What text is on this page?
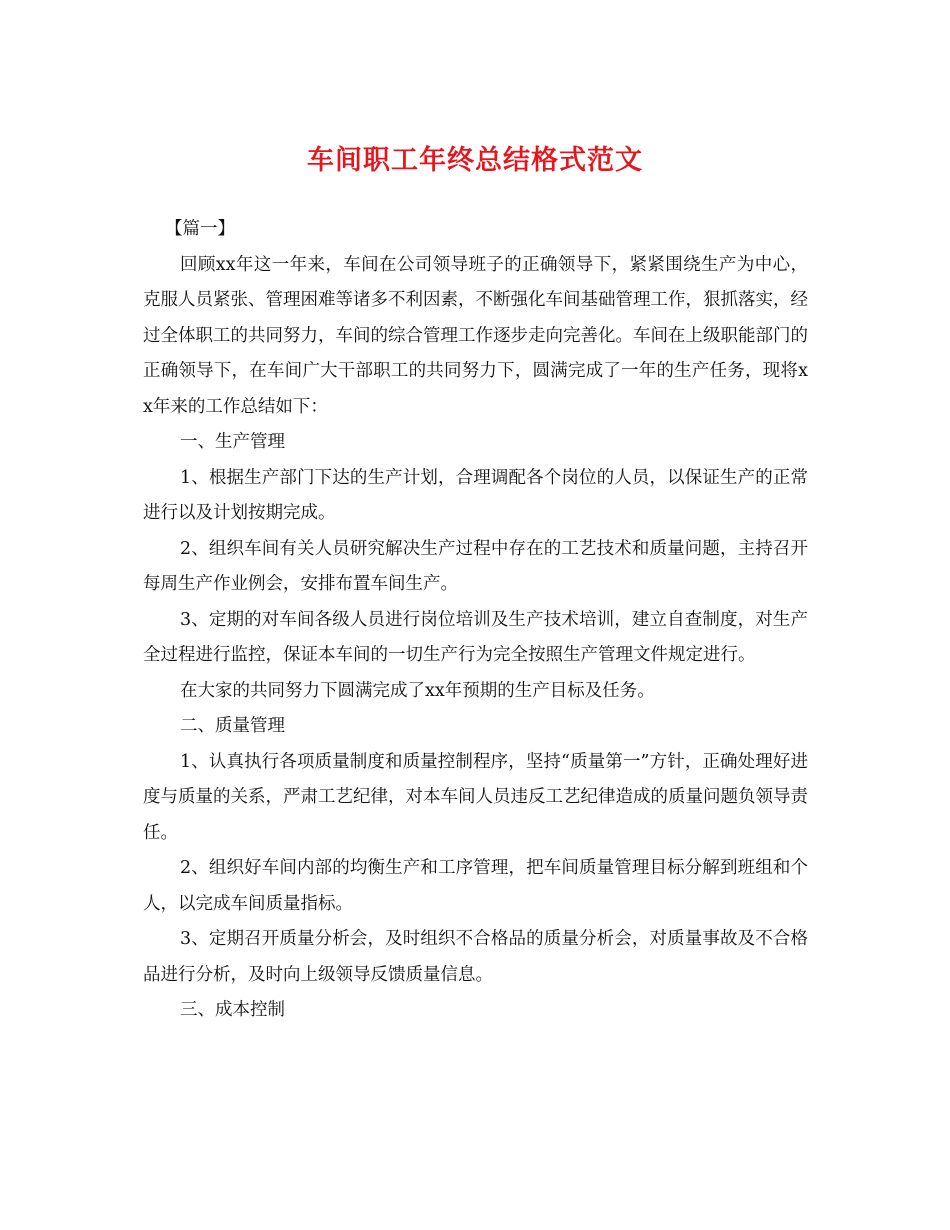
车间职工年终总结格式范文

【篇一】

回顾xx年这一年来，车间在公司领导班子的正确领导下，紧紧围绕生产为中心，克服人员紧张、管理困难等诸多不利因素，不断强化车间基础管理工作，狠抓落实，经过全体职工的共同努力，车间的综合管理工作逐步走向完善化。车间在上级职能部门的正确领导下，在车间广大干部职工的共同努力下，圆满完成了一年的生产任务，现将xx年来的工作总结如下：

一、生产管理

1、根据生产部门下达的生产计划，合理调配各个岗位的人员，以保证生产的正常进行以及计划按期完成。

2、组织车间有关人员研究解决生产过程中存在的工艺技术和质量问题，主持召开每周生产作业例会，安排布置车间生产。

3、定期的对车间各级人员进行岗位培训及生产技术培训，建立自查制度，对生产全过程进行监控，保证本车间的一切生产行为完全按照生产管理文件规定进行。

在大家的共同努力下圆满完成了xx年预期的生产目标及任务。

二、质量管理

1、认真执行各项质量制度和质量控制程序，坚持“质量第一”方针，正确处理好进度与质量的关系，严肃工艺纪律，对本车间人员违反工艺纪律造成的质量问题负领导责任。

2、组织好车间内部的均衡生产和工序管理，把车间质量管理目标分解到班组和个人，以完成车间质量指标。

3、定期召开质量分析会，及时组织不合格品的质量分析会，对质量事故及不合格品进行分析，及时向上级领导反馈质量信息。

三、成本控制
